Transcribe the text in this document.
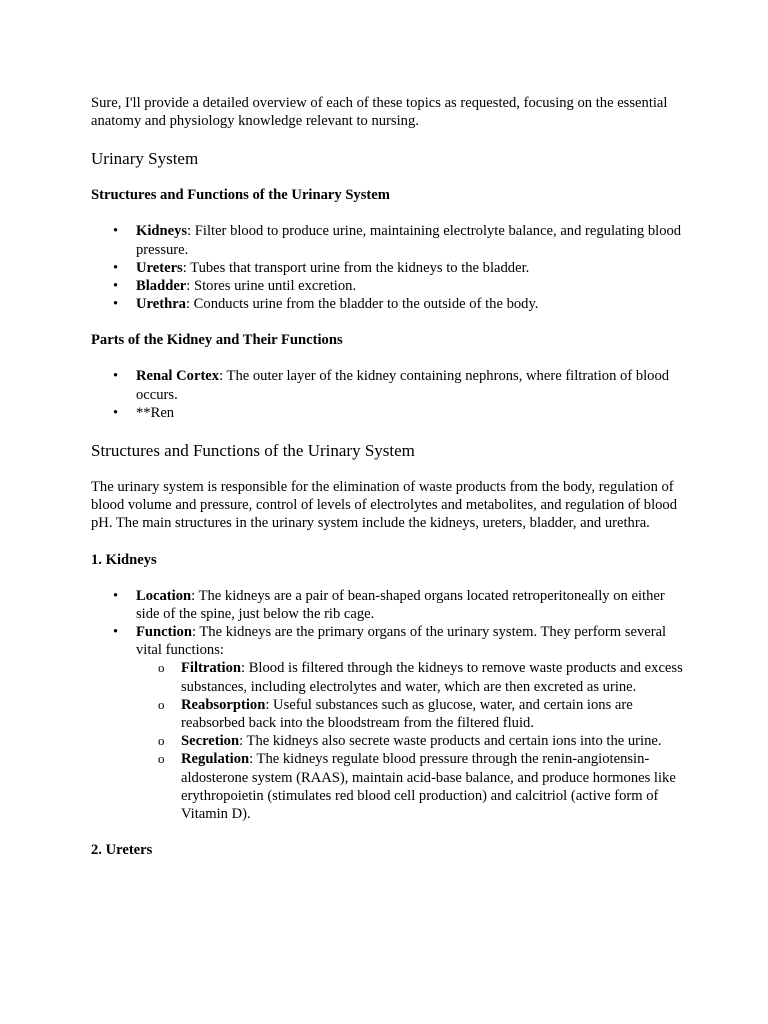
Sure, I'll provide a detailed overview of each of these topics as requested, focusing on the essential anatomy and physiology knowledge relevant to nursing.

Urinary System
Structures and Functions of the Urinary System
• Kidneys: Filter blood to produce urine, maintaining electrolyte balance, and regulating blood pressure.
• Ureters: Tubes that transport urine from the kidneys to the bladder.
• Bladder: Stores urine until excretion.
• Urethra: Conducts urine from the bladder to the outside of the body.
Parts of the Kidney and Their Functions
• Renal Cortex: The outer layer of the kidney containing nephrons, where filtration of blood occurs.
• **Ren
Structures and Functions of the Urinary System

The urinary system is responsible for the elimination of waste products from the body, regulation of blood volume and pressure, control of levels of electrolytes and metabolites, and regulation of blood pH. The main structures in the urinary system include the kidneys, ureters, bladder, and urethra.

1. Kidneys
• Location: The kidneys are a pair of bean-shaped organs located retroperitoneally on either side of the spine, just below the rib cage.
• Function: The kidneys are the primary organs of the urinary system. They perform several vital functions:
o Filtration: Blood is filtered through the kidneys to remove waste products and excess substances, including electrolytes and water, which are then excreted as urine.
o Reabsorption: Useful substances such as glucose, water, and certain ions are reabsorbed back into the bloodstream from the filtered fluid.
o Secretion: The kidneys also secrete waste products and certain ions into the urine.
o Regulation: The kidneys regulate blood pressure through the renin-angiotensin-aldosterone system (RAAS), maintain acid-base balance, and produce hormones like erythropoietin (stimulates red blood cell production) and calcitriol (active form of Vitamin D).
2. Ureters
